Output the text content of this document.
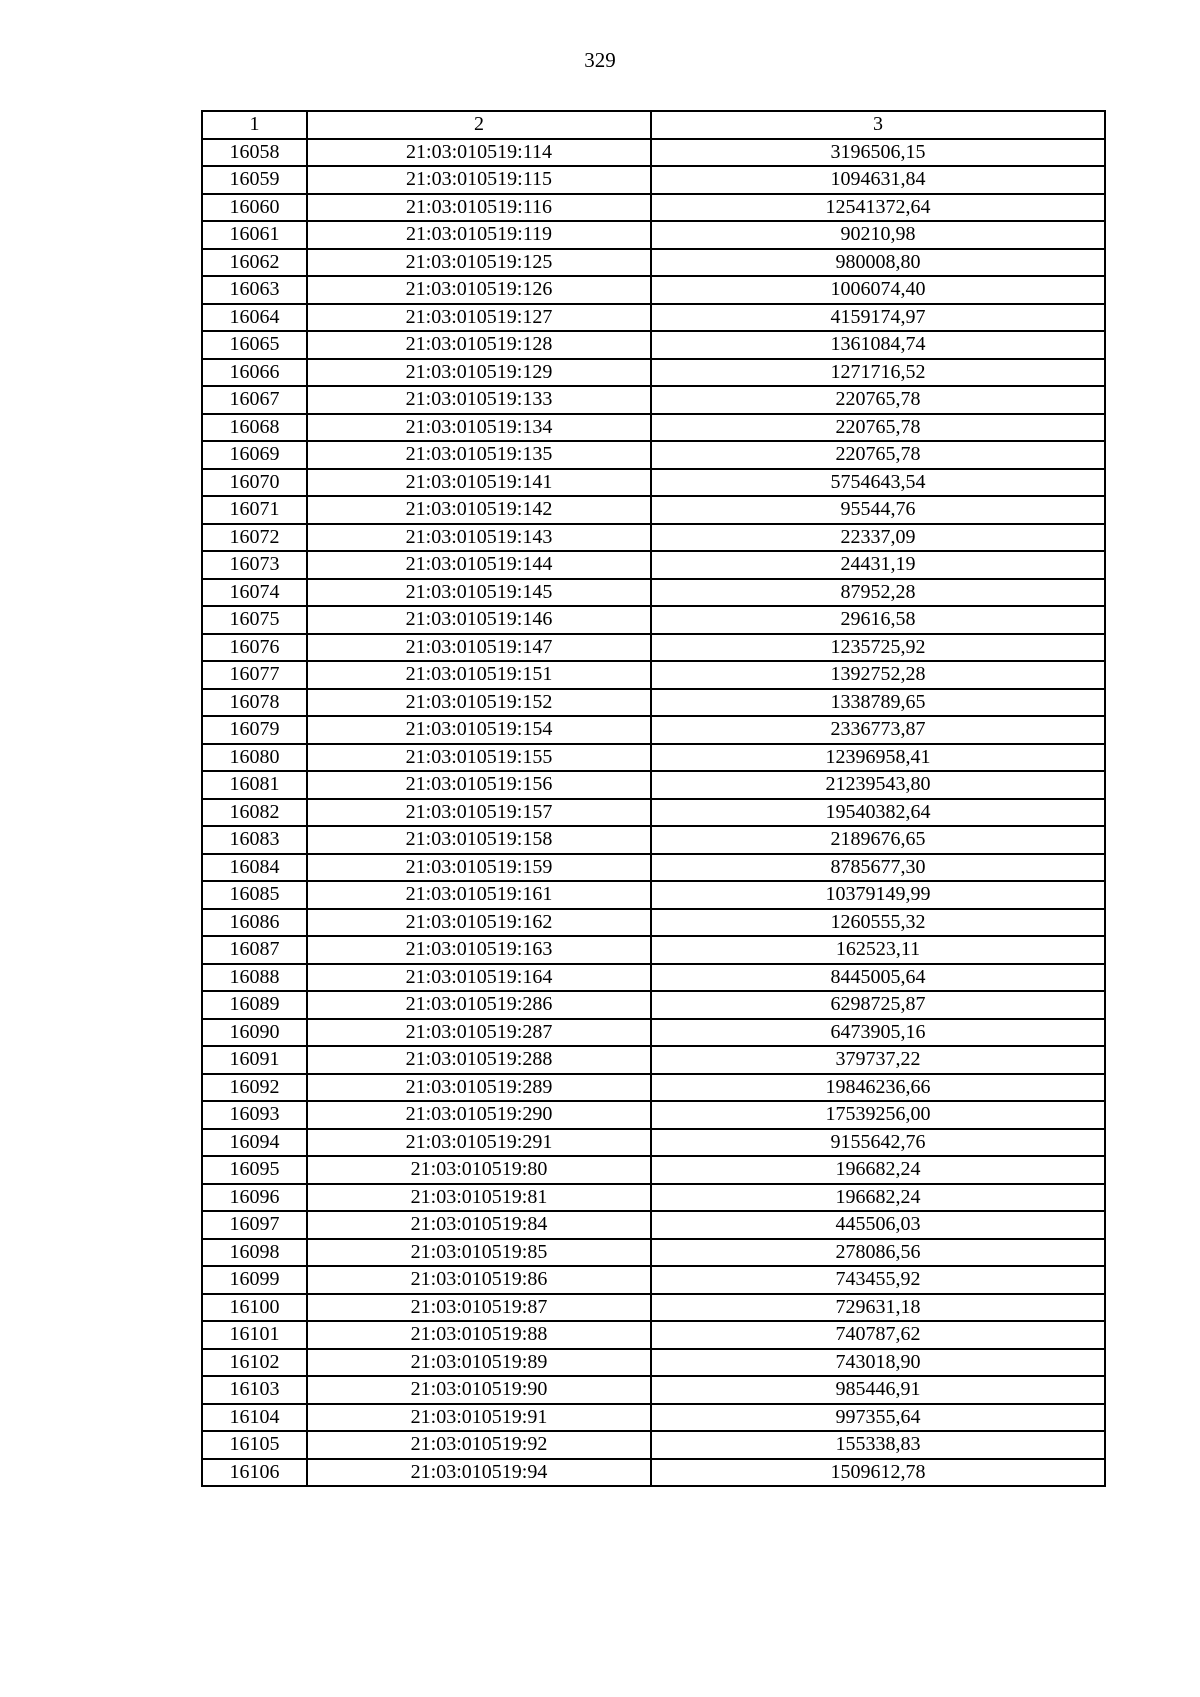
329
1	2	3
16058	21:03:010519:114	3196506,15
16059	21:03:010519:115	1094631,84
16060	21:03:010519:116	12541372,64
16061	21:03:010519:119	90210,98
16062	21:03:010519:125	980008,80
16063	21:03:010519:126	1006074,40
16064	21:03:010519:127	4159174,97
16065	21:03:010519:128	1361084,74
16066	21:03:010519:129	1271716,52
16067	21:03:010519:133	220765,78
16068	21:03:010519:134	220765,78
16069	21:03:010519:135	220765,78
16070	21:03:010519:141	5754643,54
16071	21:03:010519:142	95544,76
16072	21:03:010519:143	22337,09
16073	21:03:010519:144	24431,19
16074	21:03:010519:145	87952,28
16075	21:03:010519:146	29616,58
16076	21:03:010519:147	1235725,92
16077	21:03:010519:151	1392752,28
16078	21:03:010519:152	1338789,65
16079	21:03:010519:154	2336773,87
16080	21:03:010519:155	12396958,41
16081	21:03:010519:156	21239543,80
16082	21:03:010519:157	19540382,64
16083	21:03:010519:158	2189676,65
16084	21:03:010519:159	8785677,30
16085	21:03:010519:161	10379149,99
16086	21:03:010519:162	1260555,32
16087	21:03:010519:163	162523,11
16088	21:03:010519:164	8445005,64
16089	21:03:010519:286	6298725,87
16090	21:03:010519:287	6473905,16
16091	21:03:010519:288	379737,22
16092	21:03:010519:289	19846236,66
16093	21:03:010519:290	17539256,00
16094	21:03:010519:291	9155642,76
16095	21:03:010519:80	196682,24
16096	21:03:010519:81	196682,24
16097	21:03:010519:84	445506,03
16098	21:03:010519:85	278086,56
16099	21:03:010519:86	743455,92
16100	21:03:010519:87	729631,18
16101	21:03:010519:88	740787,62
16102	21:03:010519:89	743018,90
16103	21:03:010519:90	985446,91
16104	21:03:010519:91	997355,64
16105	21:03:010519:92	155338,83
16106	21:03:010519:94	1509612,78
